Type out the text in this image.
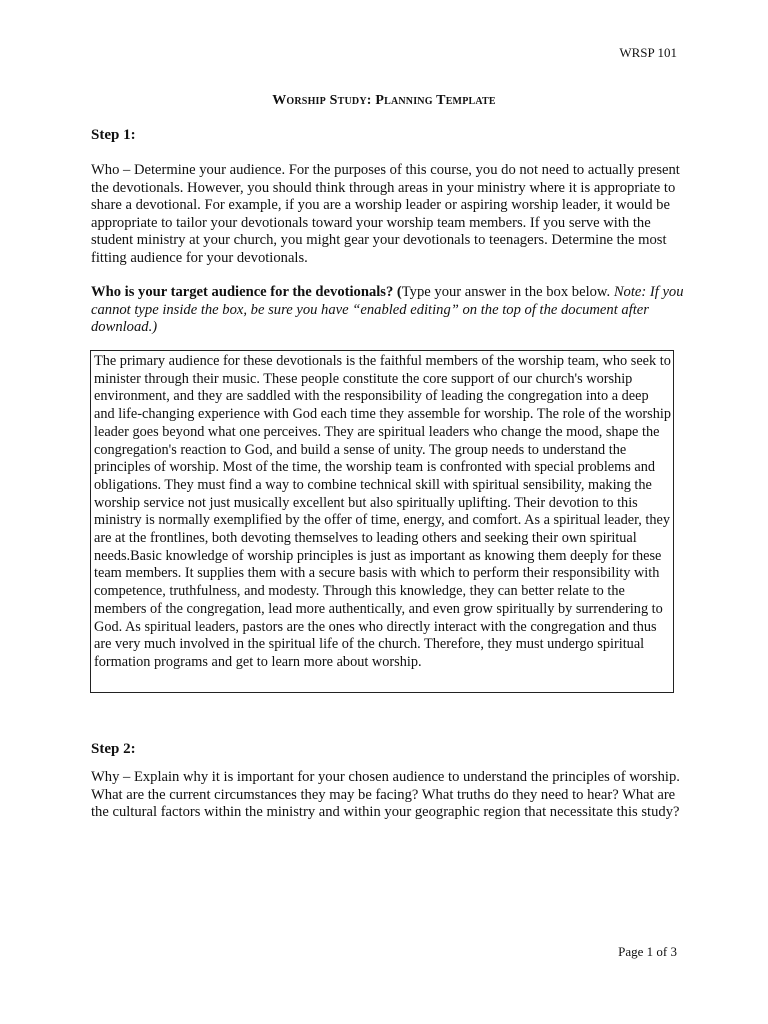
WRSP 101
Worship Study: Planning Template
Step 1:
Who – Determine your audience. For the purposes of this course, you do not need to actually present the devotionals. However, you should think through areas in your ministry where it is appropriate to share a devotional. For example, if you are a worship leader or aspiring worship leader, it would be appropriate to tailor your devotionals toward your worship team members. If you serve with the student ministry at your church, you might gear your devotionals to teenagers. Determine the most fitting audience for your devotionals.
Who is your target audience for the devotionals? (Type your answer in the box below. Note: If you cannot type inside the box, be sure you have “enabled editing” on the top of the document after download.)
The primary audience for these devotionals is the faithful members of the worship team, who seek to minister through their music. These people constitute the core support of our church's worship environment, and they are saddled with the responsibility of leading the congregation into a deep and life-changing experience with God each time they assemble for worship. The role of the worship leader goes beyond what one perceives. They are spiritual leaders who change the mood, shape the congregation's reaction to God, and build a sense of unity. The group needs to understand the principles of worship. Most of the time, the worship team is confronted with special problems and obligations. They must find a way to combine technical skill with spiritual sensibility, making the worship service not just musically excellent but also spiritually uplifting. Their devotion to this ministry is normally exemplified by the offer of time, energy, and comfort. As a spiritual leader, they are at the frontlines, both devoting themselves to leading others and seeking their own spiritual needs.Basic knowledge of worship principles is just as important as knowing them deeply for these team members. It supplies them with a secure basis with which to perform their responsibility with competence, truthfulness, and modesty. Through this knowledge, they can better relate to the members of the congregation, lead more authentically, and even grow spiritually by surrendering to God. As spiritual leaders, pastors are the ones who directly interact with the congregation and thus are very much involved in the spiritual life of the church. Therefore, they must undergo spiritual formation programs and get to learn more about worship.
Step 2:
Why – Explain why it is important for your chosen audience to understand the principles of worship. What are the current circumstances they may be facing? What truths do they need to hear? What are the cultural factors within the ministry and within your geographic region that necessitate this study?
Page 1 of 3
